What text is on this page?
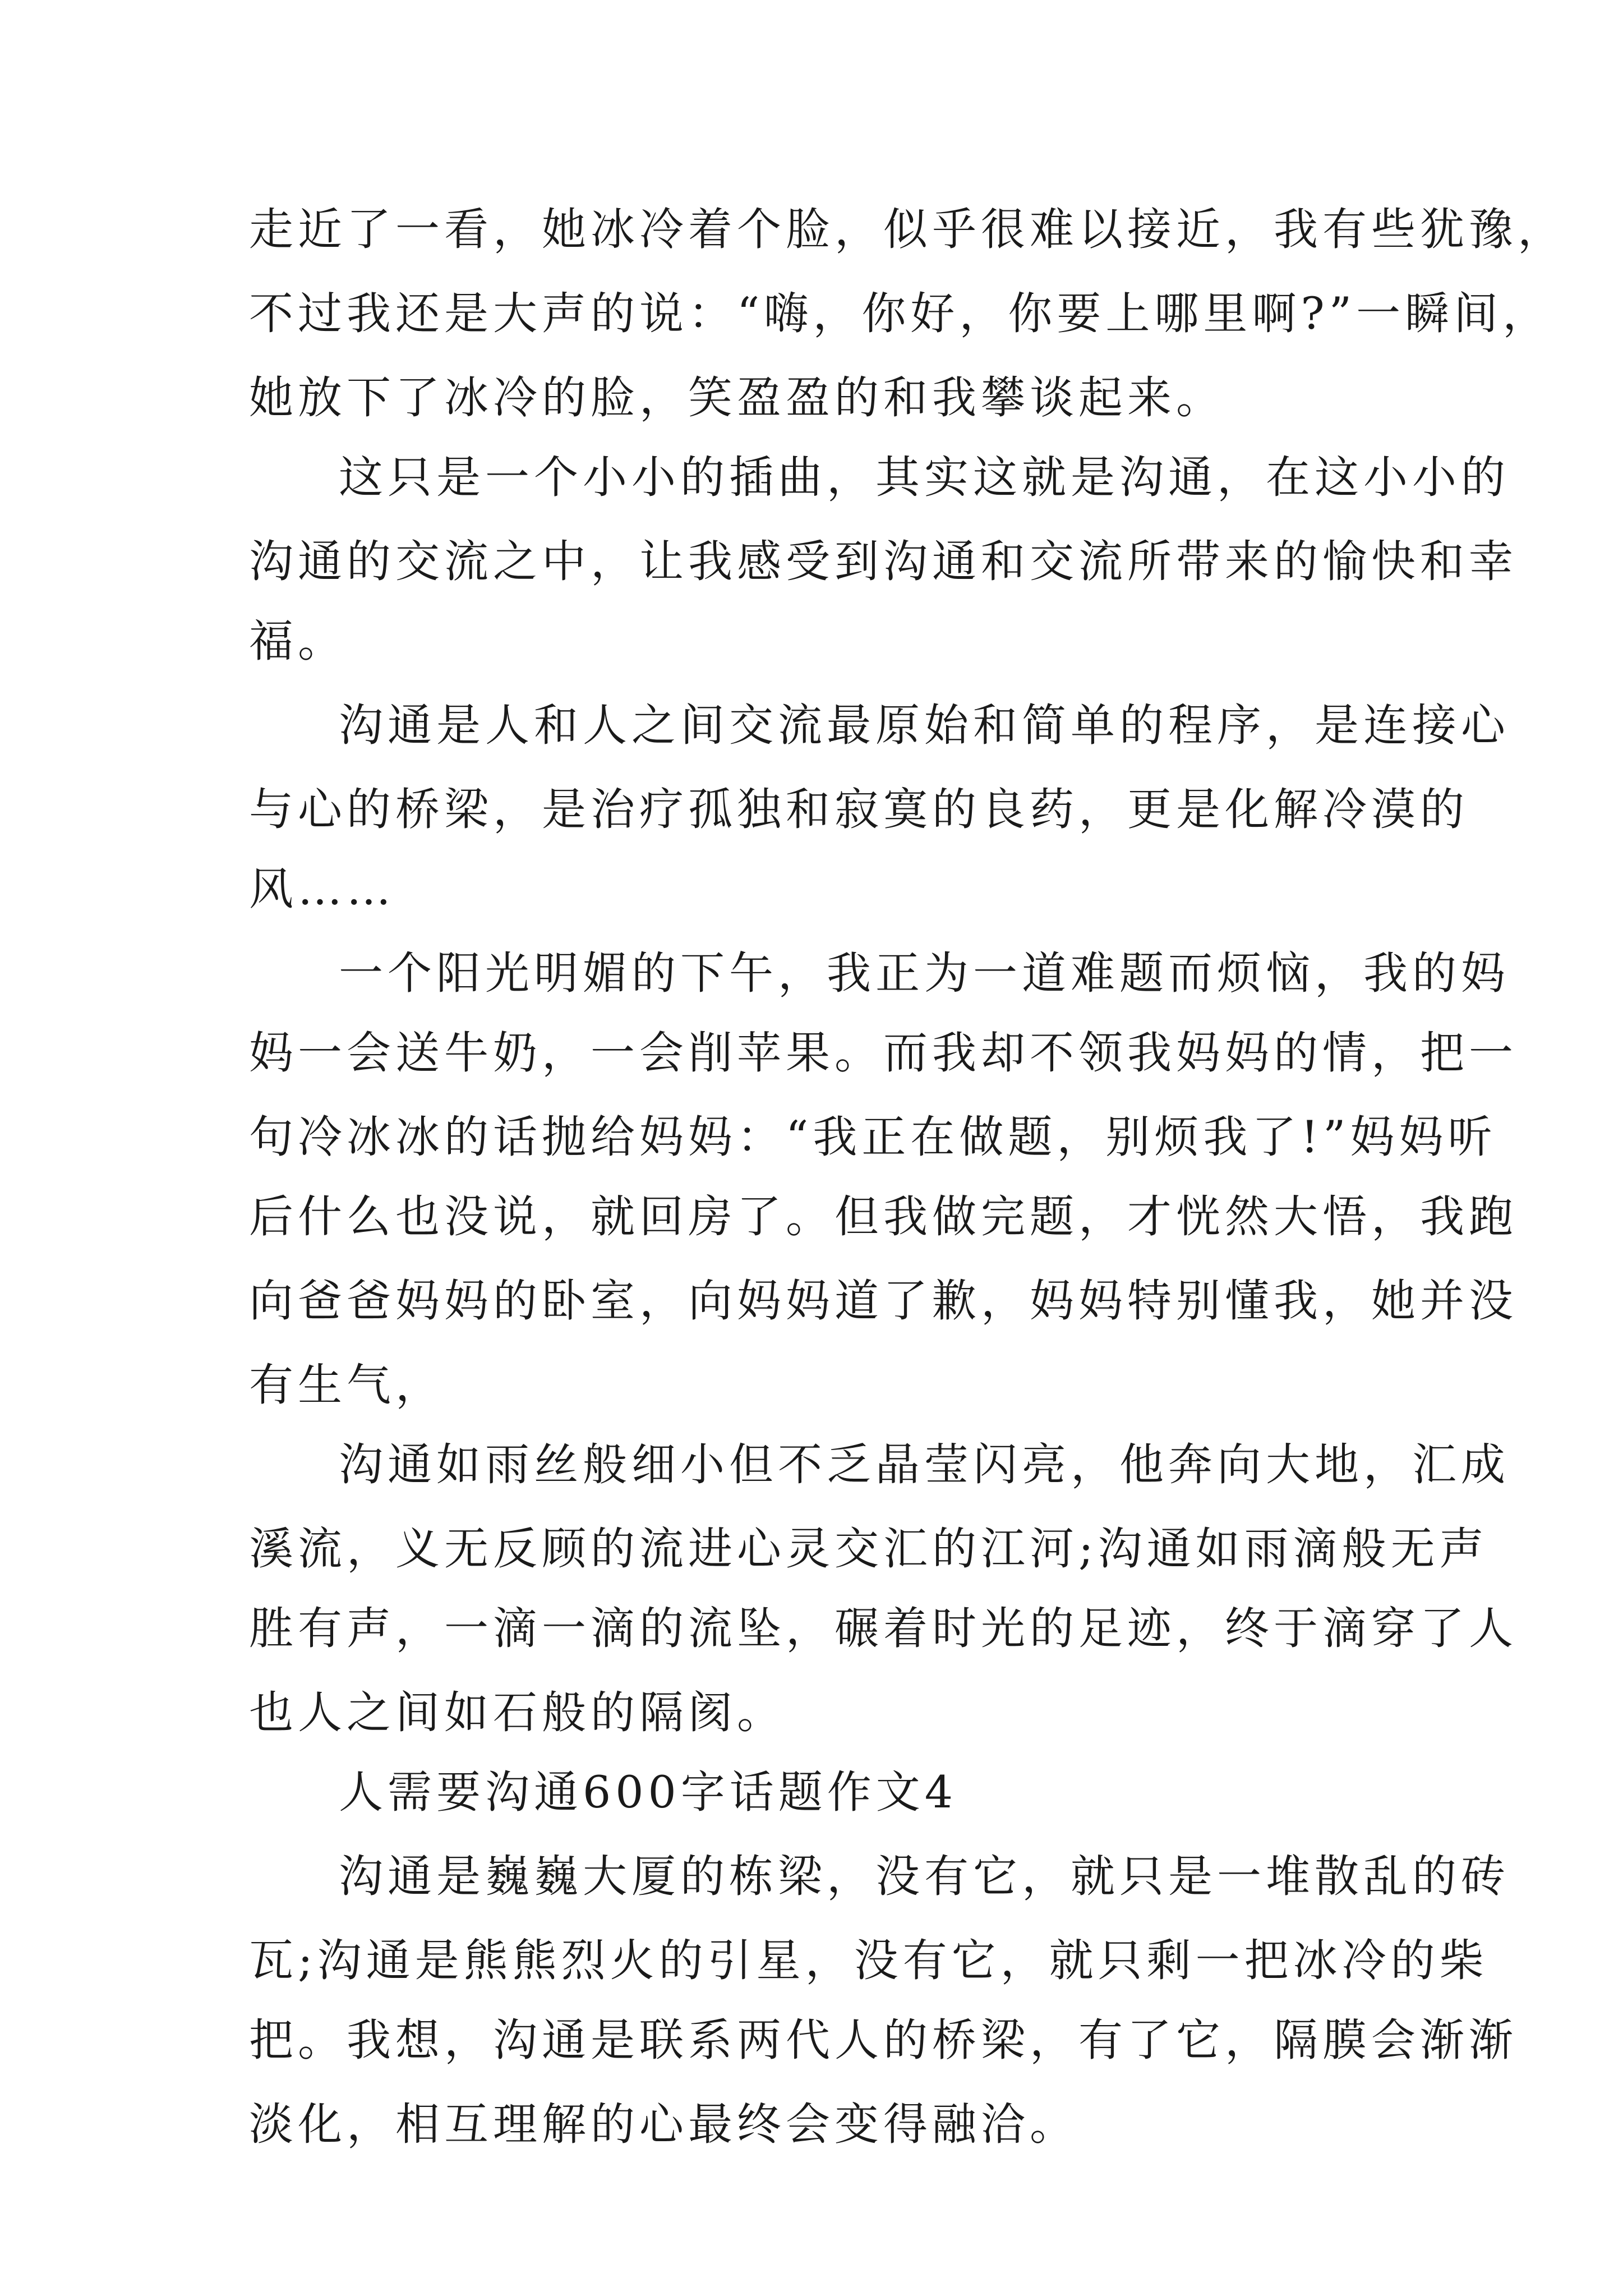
走近了一看，她冰冷着个脸，似乎很难以接近，我有些犹豫，
不过我还是大声的说：“嗨，你好，你要上哪里啊?”一瞬间，
她放下了冰冷的脸，笑盈盈的和我攀谈起来。
这只是一个小小的插曲，其实这就是沟通，在这小小的
沟通的交流之中，让我感受到沟通和交流所带来的愉快和幸
福。
沟通是人和人之间交流最原始和简单的程序，是连接心
与心的桥梁，是治疗孤独和寂寞的良药，更是化解冷漠的
风……
一个阳光明媚的下午，我正为一道难题而烦恼，我的妈
妈一会送牛奶，一会削苹果。而我却不领我妈妈的情，把一
句冷冰冰的话抛给妈妈：“我正在做题，别烦我了!”妈妈听
后什么也没说，就回房了。但我做完题，才恍然大悟，我跑
向爸爸妈妈的卧室，向妈妈道了歉，妈妈特别懂我，她并没
有生气，
沟通如雨丝般细小但不乏晶莹闪亮，他奔向大地，汇成
溪流，义无反顾的流进心灵交汇的江河;沟通如雨滴般无声
胜有声，一滴一滴的流坠，碾着时光的足迹，终于滴穿了人
也人之间如石般的隔阂。
人需要沟通600字话题作文4
沟通是巍巍大厦的栋梁，没有它，就只是一堆散乱的砖
瓦;沟通是熊熊烈火的引星，没有它，就只剩一把冰冷的柴
把。我想，沟通是联系两代人的桥梁，有了它，隔膜会渐渐
淡化，相互理解的心最终会变得融洽。
